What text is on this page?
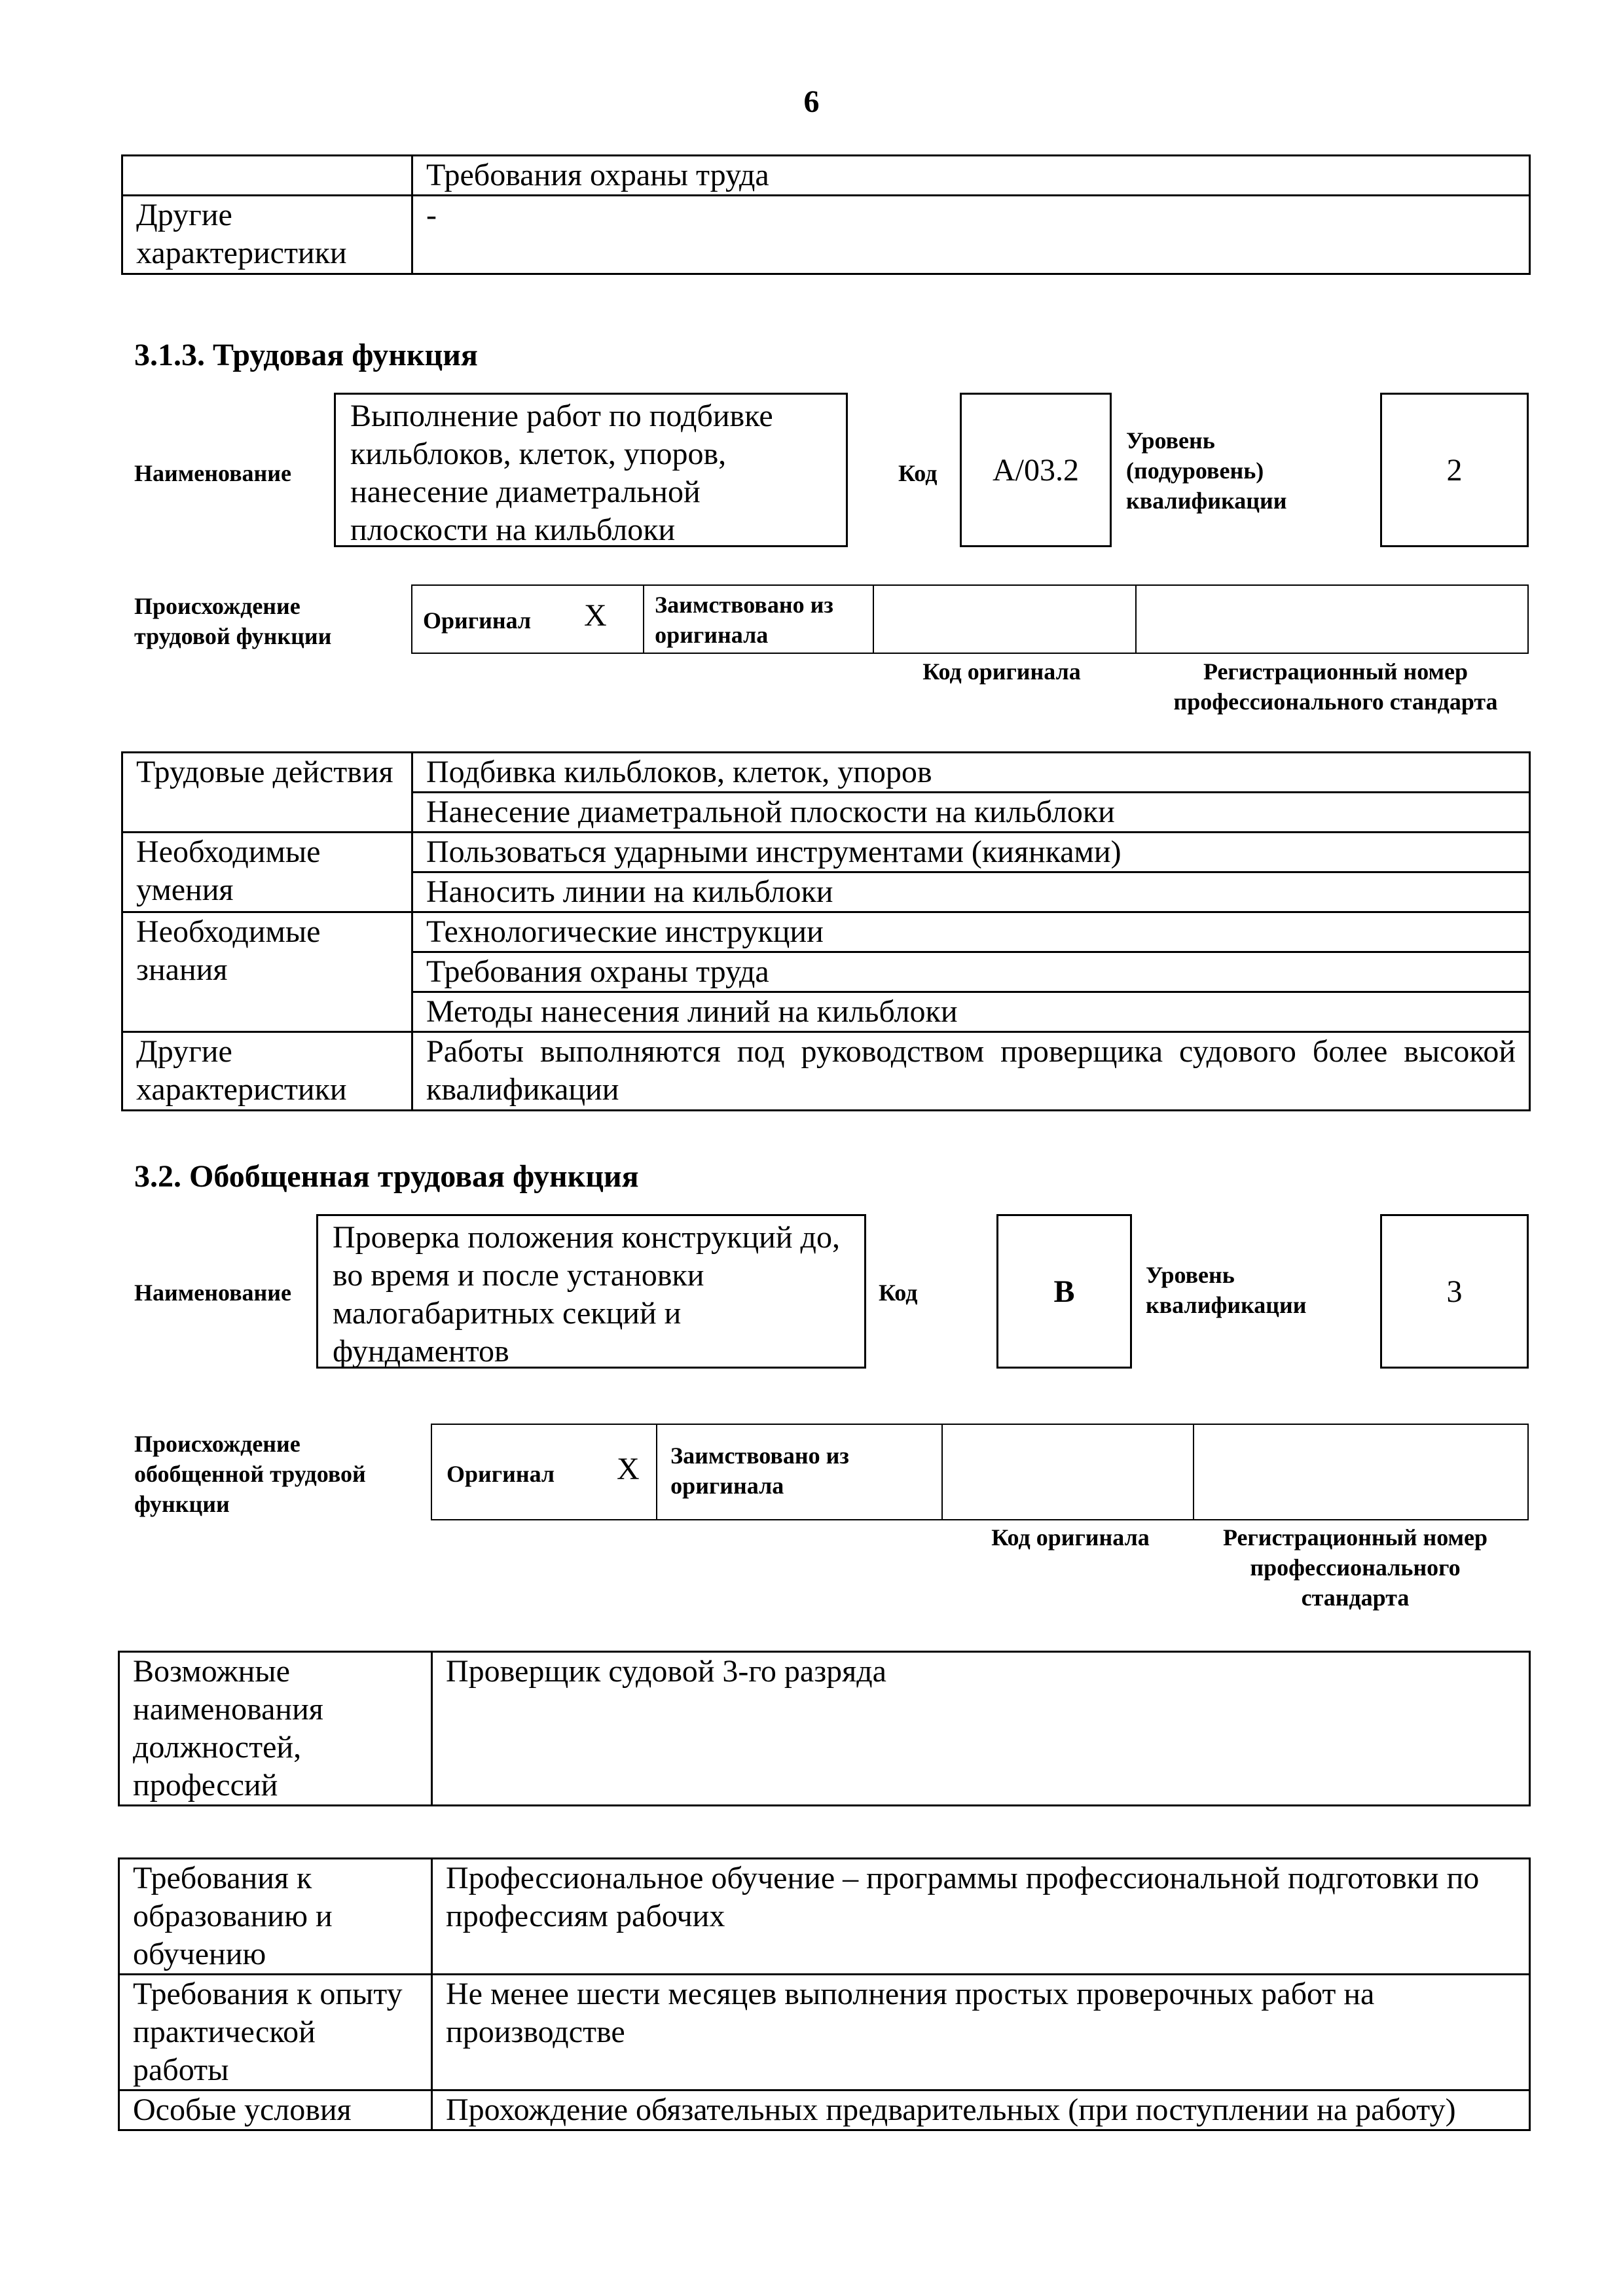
6
	Требования охраны труда
Другие характеристики	-
3.1.3. Трудовая функция
Наименование
Выполнение работ по подбивке кильблоков, клеток, упоров, нанесение диаметральной плоскости на кильблоки
Код	A/03.2
Уровень (подуровень) квалификации
2
Происхождение трудовой функции
Оригинал X Заимствовано из оригинала
Код оригинала	Регистрационный номер профессионального стандарта
Трудовые действия	Подбивка кильблоков, клеток, упоров
	Нанесение диаметральной плоскости на кильблоки
Необходимые умения	Пользоваться ударными инструментами (киянками)
	Наносить линии на кильблоки
Необходимые знания	Технологические инструкции
	Требования охраны труда
	Методы нанесения линий на кильблоки
Другие характеристики	Работы выполняются под руководством проверщика судового более высокой квалификации
3.2. Обобщенная трудовая функция
Наименование
Проверка положения конструкций до, во время и после установки малогабаритных секций и фундаментов
Код	B	Уровень квалификации	3
Происхождение обобщенной трудовой функции
Оригинал X Заимствовано из оригинала
Код оригинала	Регистрационный номер профессионального стандарта
Возможные наименования должностей, профессий	Проверщик судовой 3-го разряда
Требования к образованию и обучению	Профессиональное обучение – программы профессиональной подготовки по профессиям рабочих
Требования к опыту практической работы	Не менее шести месяцев выполнения простых проверочных работ на производстве
Особые условия	Прохождение обязательных предварительных (при поступлении на работу)
